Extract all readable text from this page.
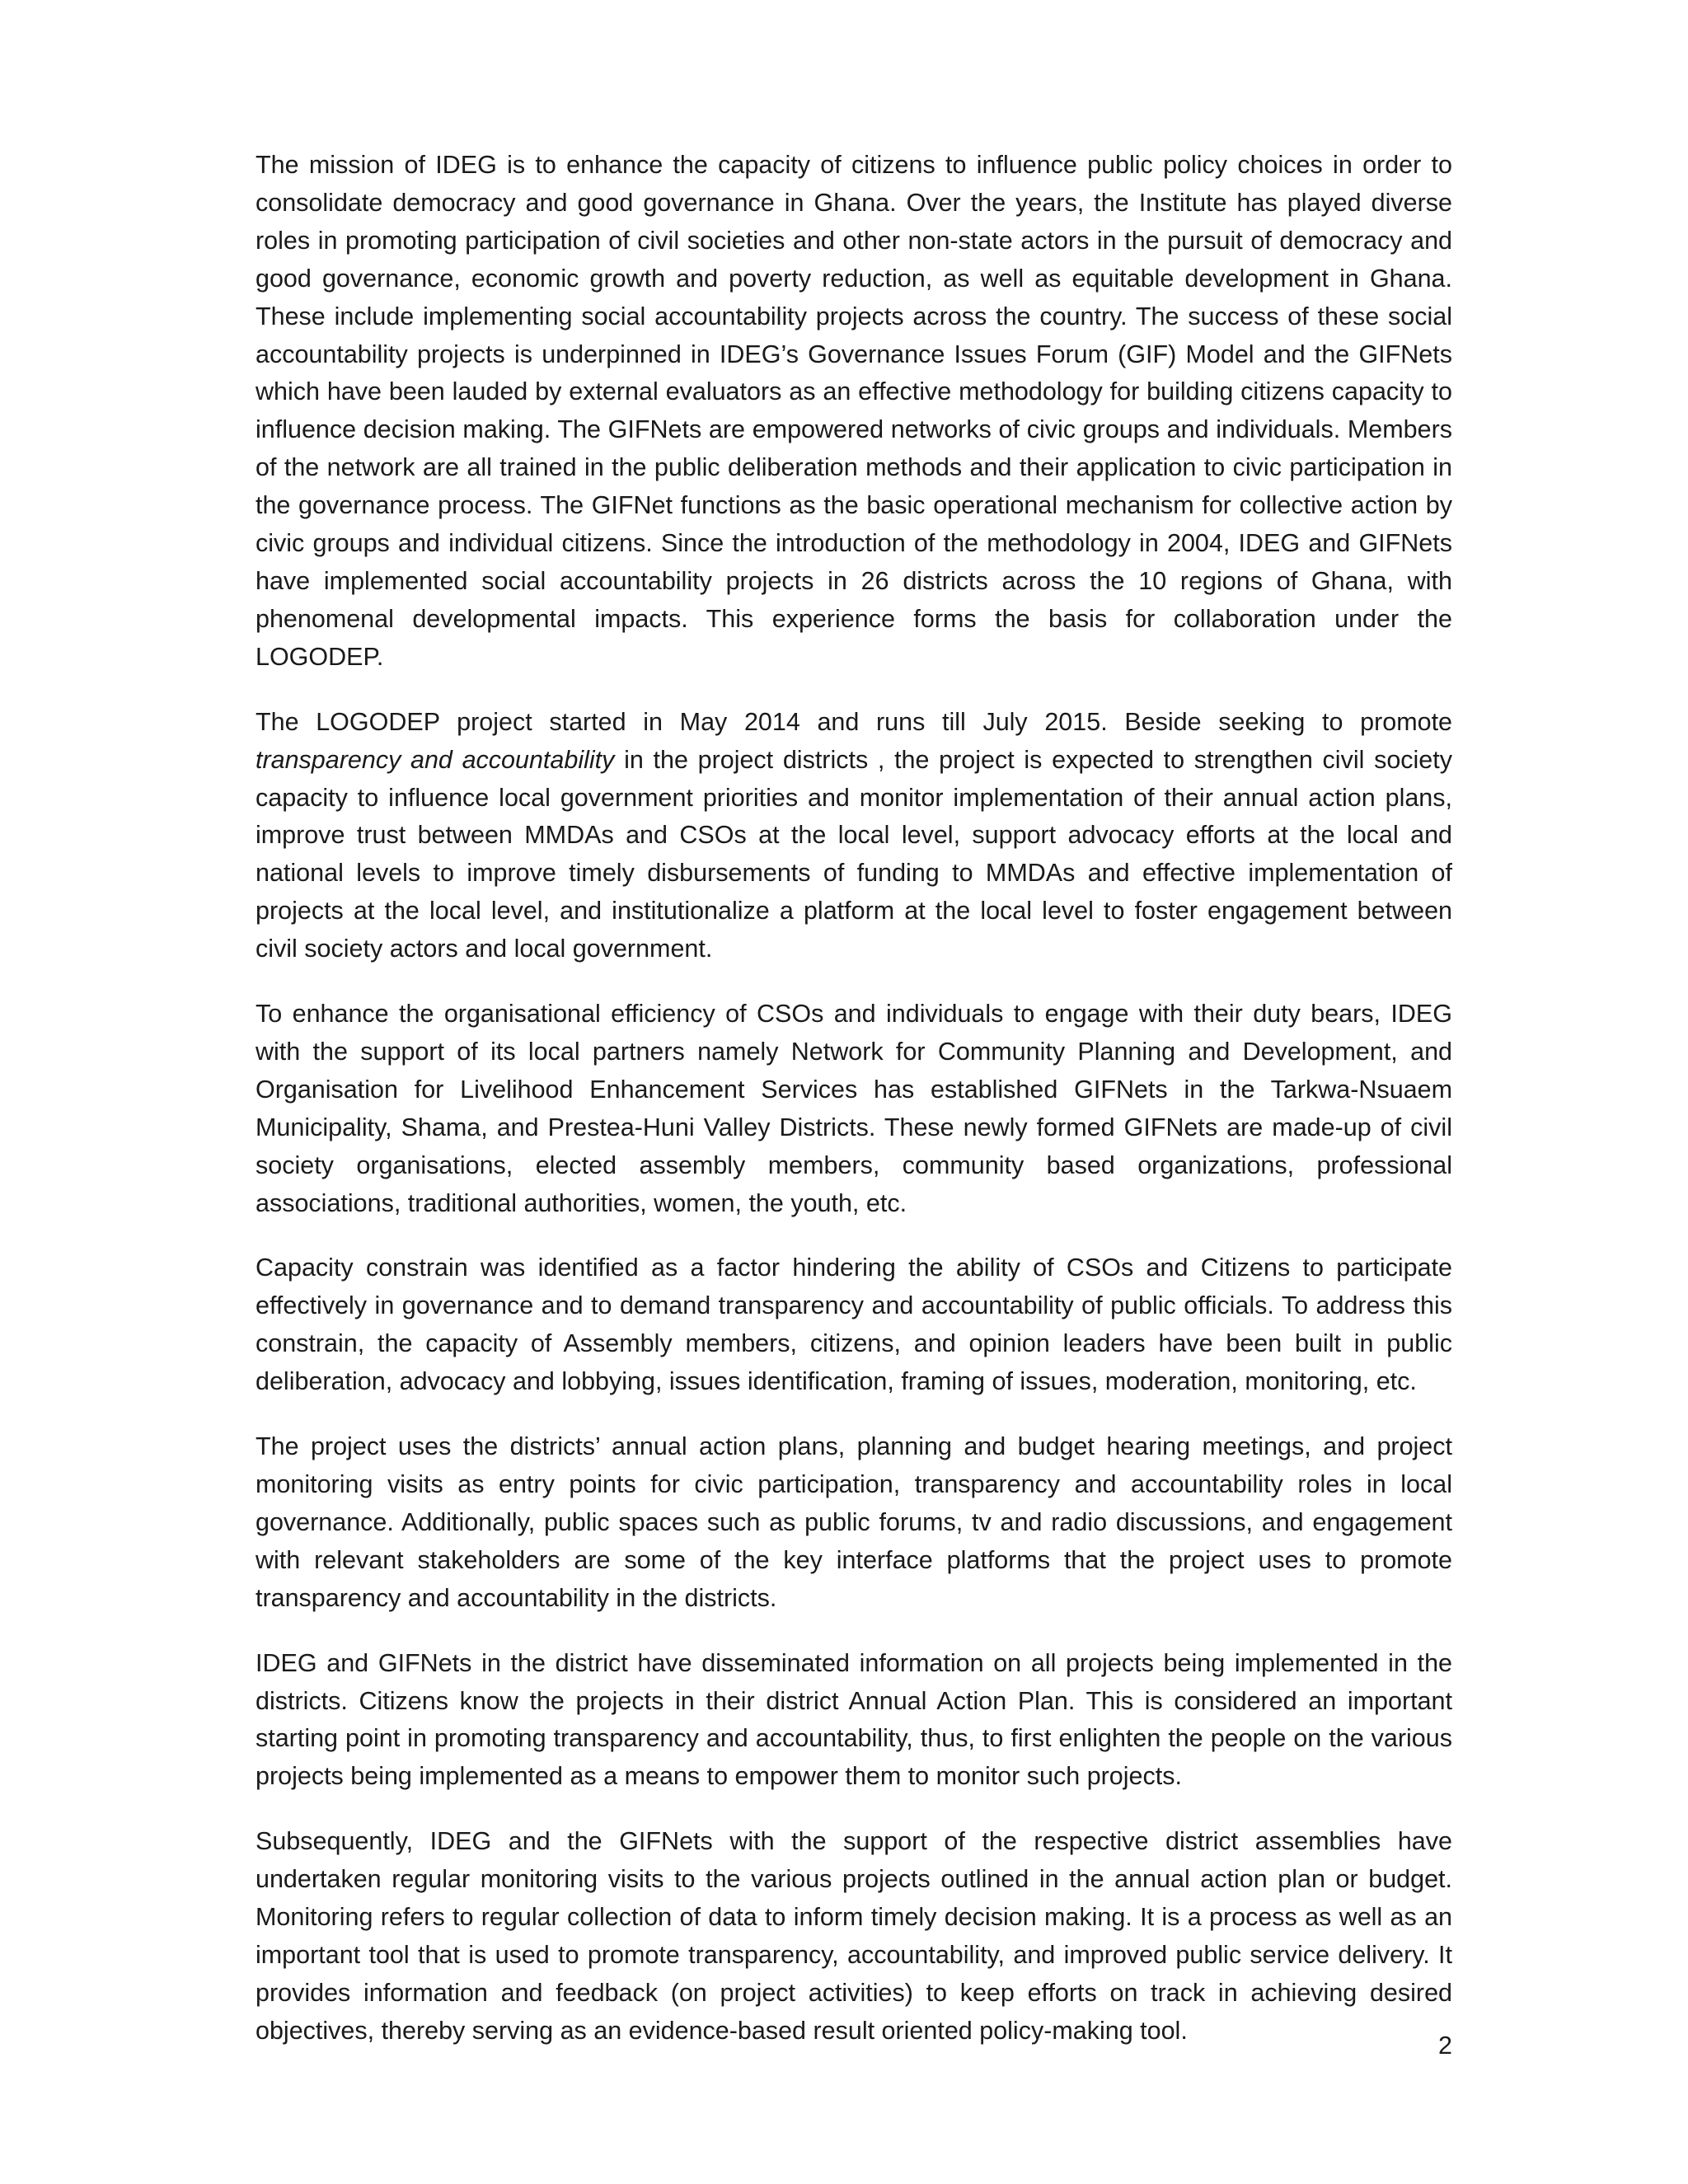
The mission of IDEG is to enhance the capacity of citizens to influence public policy choices in order to consolidate democracy and good governance in Ghana. Over the years, the Institute has played diverse roles in promoting participation of civil societies and other non-state actors in the pursuit of democracy and good governance, economic growth and poverty reduction, as well as equitable development in Ghana. These include implementing social accountability projects across the country. The success of these social accountability projects is underpinned in IDEG’s Governance Issues Forum (GIF) Model and the GIFNets which have been lauded by external evaluators as an effective methodology for building citizens capacity to influence decision making. The GIFNets are empowered networks of civic groups and individuals. Members of the network are all trained in the public deliberation methods and their application to civic participation in the governance process. The GIFNet functions as the basic operational mechanism for collective action by civic groups and individual citizens. Since the introduction of the methodology in 2004, IDEG and GIFNets have implemented social accountability projects in 26 districts across the 10 regions of Ghana, with phenomenal developmental impacts. This experience forms the basis for collaboration under the LOGODEP.

The LOGODEP project started in May 2014 and runs till July 2015. Beside seeking to promote transparency and accountability in the project districts , the project is expected to strengthen civil society capacity to influence local government priorities and monitor implementation of their annual action plans, improve trust between MMDAs and CSOs at the local level, support advocacy efforts at the local and national levels to improve timely disbursements of funding to MMDAs and effective implementation of projects at the local level, and institutionalize a platform at the local level to foster engagement between civil society actors and local government.

To enhance the organisational efficiency of CSOs and individuals to engage with their duty bears, IDEG with the support of its local partners namely Network for Community Planning and Development, and Organisation for Livelihood Enhancement Services has established GIFNets in the Tarkwa-Nsuaem Municipality, Shama, and Prestea-Huni Valley Districts. These newly formed GIFNets are made-up of civil society organisations, elected assembly members, community based organizations, professional associations, traditional authorities, women, the youth, etc.

Capacity constrain was identified as a factor hindering the ability of CSOs and Citizens to participate effectively in governance and to demand transparency and accountability of public officials. To address this constrain, the capacity of Assembly members, citizens, and opinion leaders have been built in public deliberation, advocacy and lobbying, issues identification, framing of issues, moderation, monitoring, etc.

The project uses the districts’ annual action plans, planning and budget hearing meetings, and project monitoring visits as entry points for civic participation, transparency and accountability roles in local governance. Additionally, public spaces such as public forums, tv and radio discussions, and engagement with relevant stakeholders are some of the key interface platforms that the project uses to promote transparency and accountability in the districts.

IDEG and GIFNets in the district have disseminated information on all projects being implemented in the districts. Citizens know the projects in their district Annual Action Plan. This is considered an important starting point in promoting transparency and accountability, thus, to first enlighten the people on the various projects being implemented as a means to empower them to monitor such projects.

Subsequently, IDEG and the GIFNets with the support of the respective district assemblies have undertaken regular monitoring visits to the various projects outlined in the annual action plan or budget. Monitoring refers to regular collection of data to inform timely decision making. It is a process as well as an important tool that is used to promote transparency, accountability, and improved public service delivery. It provides information and feedback (on project activities) to keep efforts on track in achieving desired objectives, thereby serving as an evidence-based result oriented policy-making tool.

2
